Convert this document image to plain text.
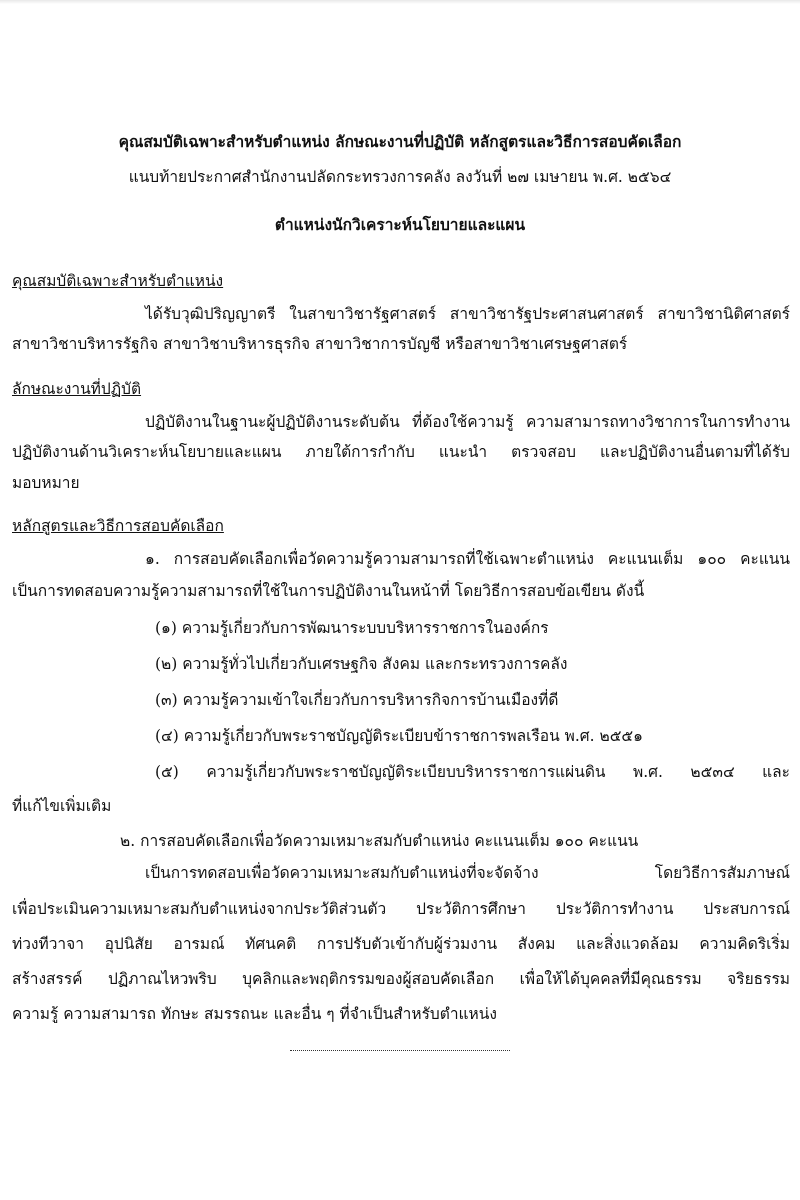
คุณสมบัติเฉพาะสำหรับตำแหน่ง ลักษณะงานที่ปฏิบัติ หลักสูตรและวิธีการสอบคัดเลือก
แนบท้ายประกาศสำนักงานปลัดกระทรวงการคลัง ลงวันที่ ๒๗ เมษายน พ.ศ. ๒๕๖๔
ตำแหน่งนักวิเคราะห์นโยบายและแผน
คุณสมบัติเฉพาะสำหรับตำแหน่ง
ได้รับวุฒิปริญญาตรี ในสาขาวิชารัฐศาสตร์ สาขาวิชารัฐประศาสนศาสตร์ สาขาวิชานิติศาสตร์
สาขาวิชาบริหารรัฐกิจ สาขาวิชาบริหารธุรกิจ สาขาวิชาการบัญชี หรือสาขาวิชาเศรษฐศาสตร์
ลักษณะงานที่ปฏิบัติ
ปฏิบัติงานในฐานะผู้ปฏิบัติงานระดับต้น ที่ต้องใช้ความรู้ ความสามารถทางวิชาการในการทำงาน
ปฏิบัติงานด้านวิเคราะห์นโยบายและแผน ภายใต้การกำกับ แนะนำ ตรวจสอบ และปฏิบัติงานอื่นตามที่ได้รับ
มอบหมาย
หลักสูตรและวิธีการสอบคัดเลือก
๑. การสอบคัดเลือกเพื่อวัดความรู้ความสามารถที่ใช้เฉพาะตำแหน่ง คะแนนเต็ม ๑๐๐ คะแนน
เป็นการทดสอบความรู้ความสามารถที่ใช้ในการปฏิบัติงานในหน้าที่ โดยวิธีการสอบข้อเขียน ดังนี้
(๑) ความรู้เกี่ยวกับการพัฒนาระบบบริหารราชการในองค์กร
(๒) ความรู้ทั่วไปเกี่ยวกับเศรษฐกิจ สังคม และกระทรวงการคลัง
(๓) ความรู้ความเข้าใจเกี่ยวกับการบริหารกิจการบ้านเมืองที่ดี
(๔) ความรู้เกี่ยวกับพระราชบัญญัติระเบียบข้าราชการพลเรือน พ.ศ. ๒๕๕๑
(๕) ความรู้เกี่ยวกับพระราชบัญญัติระเบียบบริหารราชการแผ่นดิน พ.ศ. ๒๕๓๔ และ
ที่แก้ไขเพิ่มเติม
๒. การสอบคัดเลือกเพื่อวัดความเหมาะสมกับตำแหน่ง คะแนนเต็ม ๑๐๐ คะแนน
เป็นการทดสอบเพื่อวัดความเหมาะสมกับตำแหน่งที่จะจัดจ้าง โดยวิธีการสัมภาษณ์
เพื่อประเมินความเหมาะสมกับตำแหน่งจากประวัติส่วนตัว ประวัติการศึกษา ประวัติการทำงาน ประสบการณ์
ท่วงทีวาจา อุปนิสัย อารมณ์ ทัศนคติ การปรับตัวเข้ากับผู้ร่วมงาน สังคม และสิ่งแวดล้อม ความคิดริเริ่ม
สร้างสรรค์ ปฏิภาณไหวพริบ บุคลิกและพฤติกรรมของผู้สอบคัดเลือก เพื่อให้ได้บุคคลที่มีคุณธรรม จริยธรรม
ความรู้ ความสามารถ ทักษะ สมรรถนะ และอื่น ๆ ที่จำเป็นสำหรับตำแหน่ง
